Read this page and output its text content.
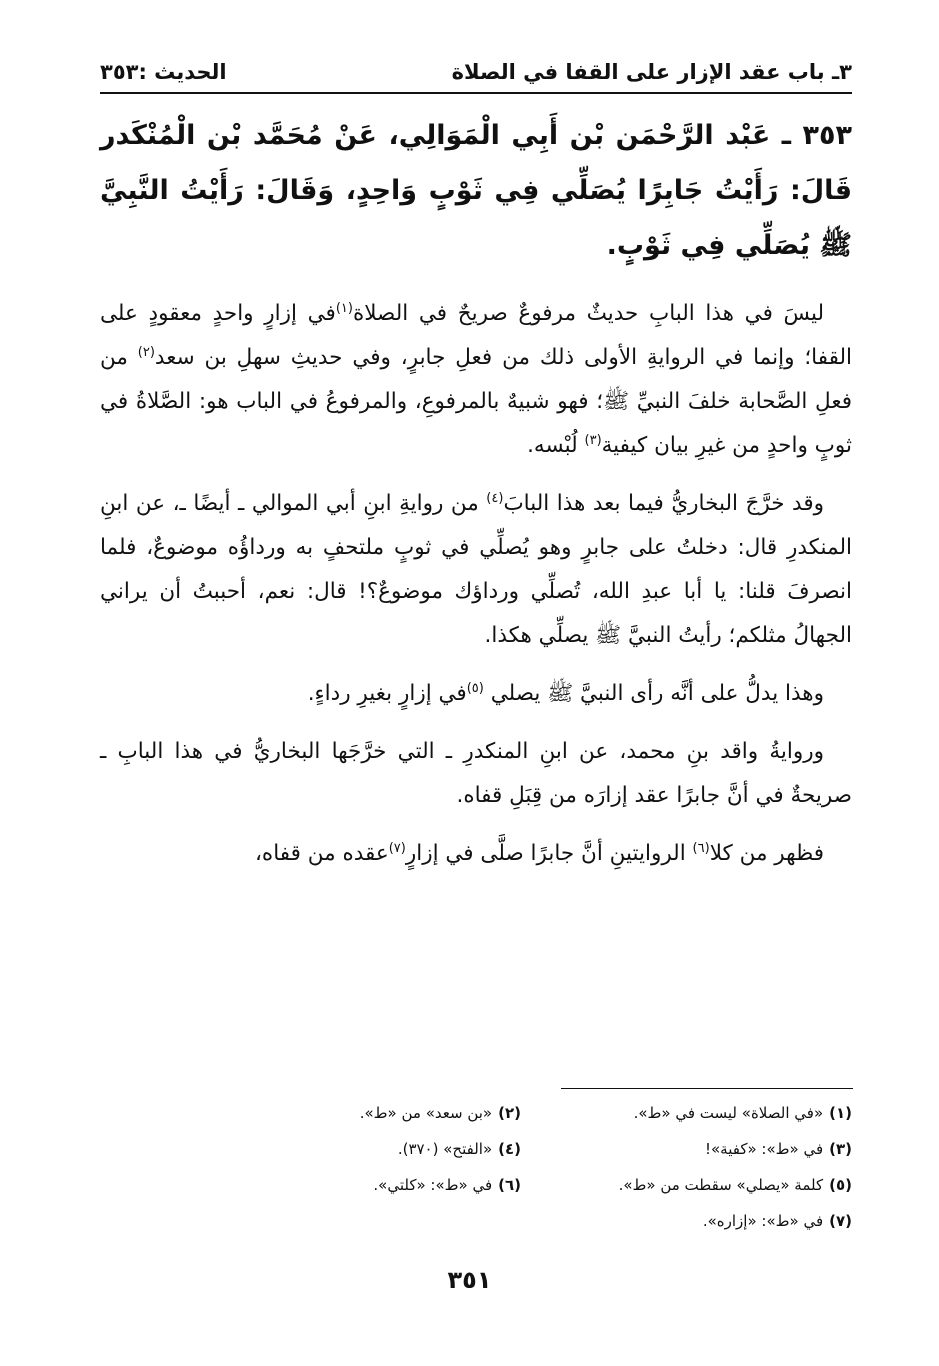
٣ـ باب عقد الإزار على القفا في الصلاة
الحديث :٣٥٣
٣٥٣ ـ عَبْد الرَّحْمَن بْن أَبِي الْمَوَالِي، عَنْ مُحَمَّد بْن الْمُنْكَدر قَالَ: رَأَيْتُ جَابِرًا يُصَلِّي فِي ثَوْبٍ وَاحِدٍ، وَقَالَ: رَأَيْتُ النَّبِيَّ ﷺ يُصَلِّي فِي ثَوْبٍ.

ليسَ في هذا البابِ حديثٌ مرفوعٌ صريحٌ في الصلاة$^{(١)}$في إزارٍ واحدٍ معقودٍ على القفا؛ وإنما في الروايةِ الأولى ذلك من فعلِ جابرٍ، وفي حديثِ سهلِ بن سعد$^{(٢)}$ من فعلِ الصَّحابة خلفَ النبيِّ ﷺ؛ فهو شبيهٌ بالمرفوعِ، والمرفوعُ في الباب هو: الصَّلاةُ في ثوبٍ واحدٍ من غيرِ بيان كيفية$^{(٣)}$ لُبْسه.

وقد خرَّجَ البخاريُّ فيما بعد هذا البابَ$^{(٤)}$ من روايةِ ابنِ أبي الموالي ـ أيضًا ـ، عن ابنِ المنكدرِ قال: دخلتُ على جابرٍ وهو يُصلِّي في ثوبٍ ملتحفٍ به ورداؤُه موضوعٌ، فلما انصرفَ قلنا: يا أبا عبدِ الله، تُصلِّي ورداؤك موضوعٌ؟! قال: نعم، أحببتُ أن يراني الجهالُ مثلكم؛ رأيتُ النبيَّ ﷺ يصلِّي هكذا.

وهذا يدلُّ على أنَّه رأى النبيَّ ﷺ يصلي $^{(٥)}$في إزارٍ بغيرِ رداءٍ.

وروايةُ واقد بنِ محمد، عن ابنِ المنكدرِ ـ التي خرَّجَها البخاريُّ في هذا البابِ ـ صريحةٌ في أنَّ جابرًا عقد إزارَه من قِبَلِ قفاه.

فظهر من كلا$^{(٦)}$ الروايتينِ أنَّ جابرًا صلَّى في إزارٍ$^{(٧)}$عقده من قفاه،

(١)«في الصلاة» ليست في «ط».
(٢)«بن سعد» من «ط».
(٣)في «ط»: «كفية»!
(٤)«الفتح» (٣٧٠).
(٥)كلمة «يصلي» سقطت من «ط».
(٦)في «ط»: «كلتي».
(٧)في «ط»: «إزاره».
٣٥١
